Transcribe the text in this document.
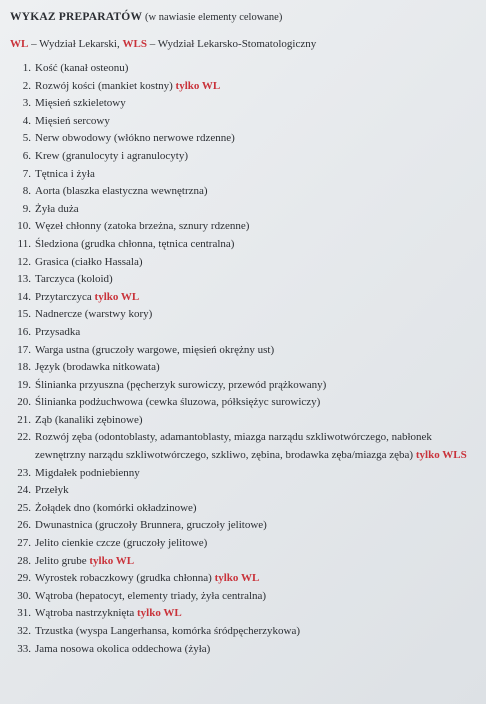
WYKAZ PREPARATÓW (w nawiasie elementy celowane)
WL – Wydział Lekarski, WLS – Wydział Lekarsko-Stomatologiczny
1. Kość (kanał osteonu)
2. Rozwój kości (mankiet kostny) tylko WL
3. Mięsień szkieletowy
4. Mięsień sercowy
5. Nerw obwodowy (włókno nerwowe rdzenne)
6. Krew (granulocyty i agranulocyty)
7. Tętnica i żyła
8. Aorta (blaszka elastyczna wewnętrzna)
9. Żyła duża
10. Węzeł chłonny (zatoka brzeżna, sznury rdzenne)
11. Śledziona (grudka chłonna, tętnica centralna)
12. Grasica (ciałko Hassala)
13. Tarczyca (koloid)
14. Przytarczyca tylko WL
15. Nadnercze (warstwy kory)
16. Przysadka
17. Warga ustna (gruczoły wargowe, mięsień okrężny ust)
18. Język (brodawka nitkowata)
19. Ślinianka przyuszna (pęcherzyk surowiczy, przewód prążkowany)
20. Ślinianka podżuchwowa (cewka śluzowa, półksiężyc surowiczy)
21. Ząb (kanaliki zębinowe)
22. Rozwój zęba (odontoblasty, adamantoblasty, miazga narządu szkliwotwórczego, nabłonek zewnętrzny narządu szkliwotwórczego, szkliwo, zębina, brodawka zęba/miazga zęba) tylko WLS
23. Migdałek podniebienny
24. Przełyk
25. Żołądek dno (komórki okładzinowe)
26. Dwunastnica (gruczoły Brunnera, gruczoły jelitowe)
27. Jelito cienkie czcze (gruczoły jelitowe)
28. Jelito grube tylko WL
29. Wyrostek robaczkowy (grudka chłonna) tylko WL
30. Wątroba (hepatocyt, elementy triady, żyła centralna)
31. Wątroba nastrzyknięta tylko WL
32. Trzustka (wyspa Langerhansa, komórka śródpęcherzykowa)
33. Jama nosowa okolica oddechowa (żyła)
